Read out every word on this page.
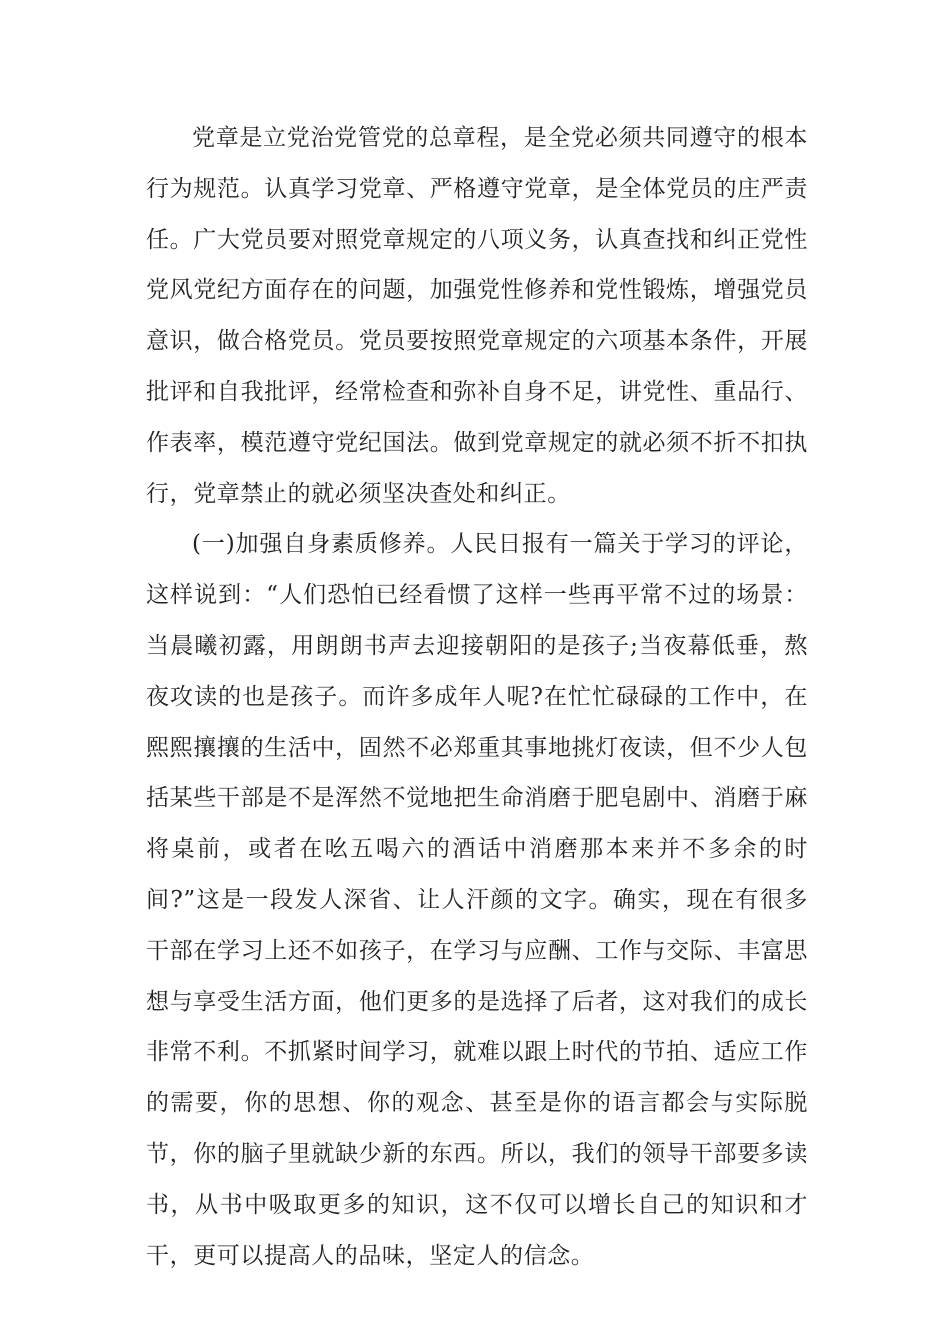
党章是立党治党管党的总章程，是全党必须共同遵守的根本行为规范。认真学习党章、严格遵守党章，是全体党员的庄严责任。广大党员要对照党章规定的八项义务，认真查找和纠正党性党风党纪方面存在的问题，加强党性修养和党性锻炼，增强党员意识，做合格党员。党员要按照党章规定的六项基本条件，开展批评和自我批评，经常检查和弥补自身不足，讲党性、重品行、作表率，模范遵守党纪国法。做到党章规定的就必须不折不扣执行，党章禁止的就必须坚决查处和纠正。

(一)加强自身素质修养。人民日报有一篇关于学习的评论，这样说到：“人们恐怕已经看惯了这样一些再平常不过的场景：当晨曦初露，用朗朗书声去迎接朝阳的是孩子;当夜幕低垂，熬夜攻读的也是孩子。而许多成年人呢?在忙忙碌碌的工作中，在熙熙攘攘的生活中，固然不必郑重其事地挑灯夜读，但不少人包括某些干部是不是浑然不觉地把生命消磨于肥皂剧中、消磨于麻将桌前，或者在吆五喝六的酒话中消磨那本来并不多余的时间?”这是一段发人深省、让人汗颜的文字。确实，现在有很多干部在学习上还不如孩子，在学习与应酬、工作与交际、丰富思想与享受生活方面，他们更多的是选择了后者，这对我们的成长非常不利。不抓紧时间学习，就难以跟上时代的节拍、适应工作的需要，你的思想、你的观念、甚至是你的语言都会与实际脱节，你的脑子里就缺少新的东西。所以，我们的领导干部要多读书，从书中吸取更多的知识，这不仅可以增长自己的知识和才干，更可以提高人的品味，坚定人的信念。
